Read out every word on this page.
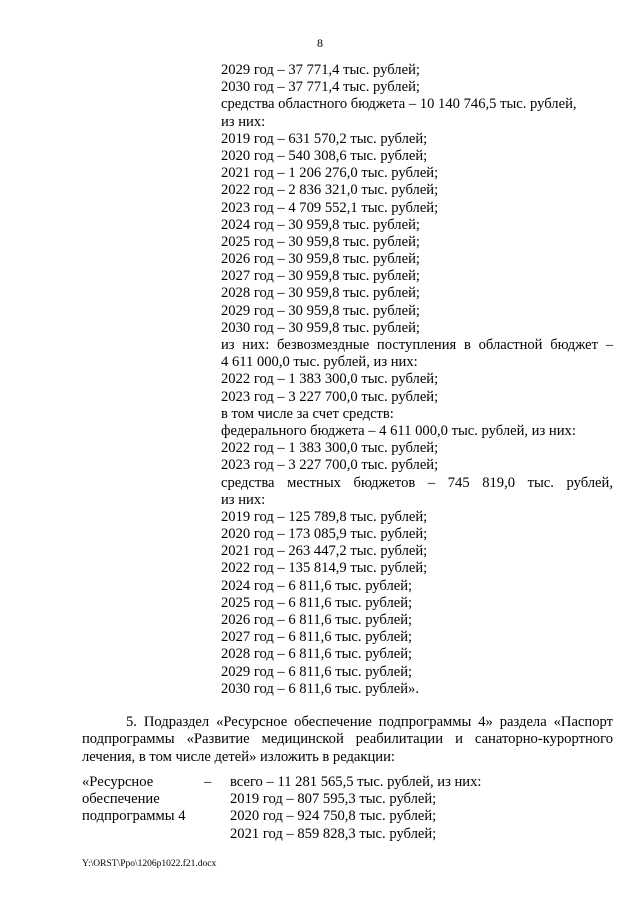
8
2029 год – 37 771,4 тыс. рублей;
2030 год – 37 771,4 тыс. рублей;
средства областного бюджета – 10 140 746,5 тыс. рублей,
из них:
2019 год – 631 570,2 тыс. рублей;
2020 год – 540 308,6 тыс. рублей;
2021 год – 1 206 276,0 тыс. рублей;
2022 год – 2 836 321,0 тыс. рублей;
2023 год – 4 709 552,1 тыс. рублей;
2024 год – 30 959,8 тыс. рублей;
2025 год – 30 959,8 тыс. рублей;
2026 год – 30 959,8 тыс. рублей;
2027 год – 30 959,8 тыс. рублей;
2028 год – 30 959,8 тыс. рублей;
2029 год – 30 959,8 тыс. рублей;
2030 год – 30 959,8 тыс. рублей;
из них: безвозмездные поступления в областной бюджет –
4 611 000,0 тыс. рублей, из них:
2022 год – 1 383 300,0 тыс. рублей;
2023 год – 3 227 700,0 тыс. рублей;
в том числе за счет средств:
федерального бюджета – 4 611 000,0 тыс. рублей, из них:
2022 год – 1 383 300,0 тыс. рублей;
2023 год – 3 227 700,0 тыс. рублей;
средства местных бюджетов – 745 819,0 тыс. рублей,
из них:
2019 год – 125 789,8 тыс. рублей;
2020 год – 173 085,9 тыс. рублей;
2021 год – 263 447,2 тыс. рублей;
2022 год – 135 814,9 тыс. рублей;
2024 год – 6 811,6 тыс. рублей;
2025 год – 6 811,6 тыс. рублей;
2026 год – 6 811,6 тыс. рублей;
2027 год – 6 811,6 тыс. рублей;
2028 год – 6 811,6 тыс. рублей;
2029 год – 6 811,6 тыс. рублей;
2030 год – 6 811,6 тыс. рублей».
5. Подраздел «Ресурсное обеспечение подпрограммы 4» раздела «Паспорт подпрограммы «Развитие медицинской реабилитации и санаторно-курортного лечения, в том числе детей» изложить в редакции:
«Ресурсное	– всего – 11 281 565,5 тыс. рублей, из них:
обеспечение	2019 год – 807 595,3 тыс. рублей;
подпрограммы 4	2020 год – 924 750,8 тыс. рублей;
2021 год – 859 828,3 тыс. рублей;
Y:\ORST\Ppo\1206p1022.f21.docx
